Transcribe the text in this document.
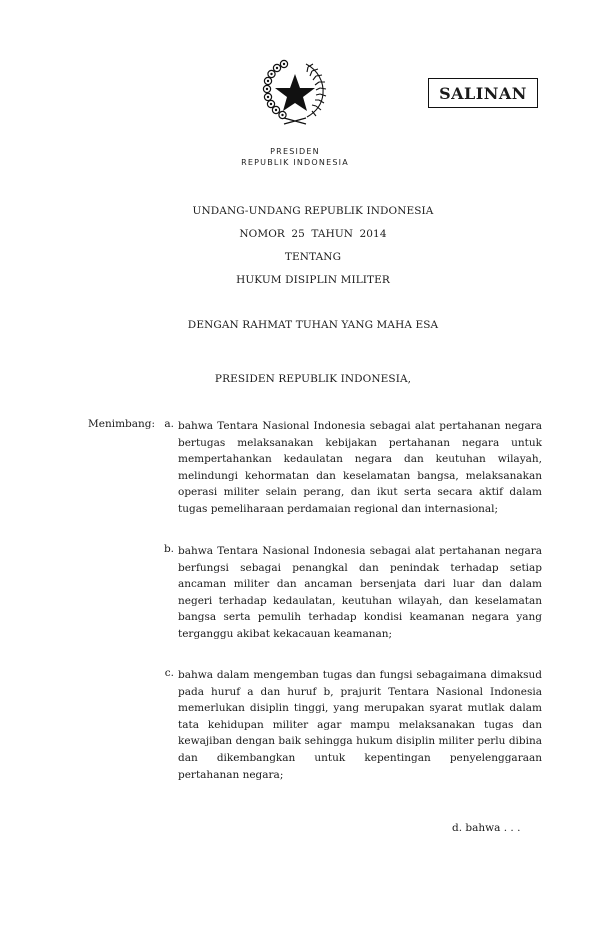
SALINAN
PRESIDEN
REPUBLIK INDONESIA
UNDANG-UNDANG REPUBLIK INDONESIA
NOMOR 25 TAHUN 2014
TENTANG
HUKUM DISIPLIN MILITER
DENGAN RAHMAT TUHAN YANG MAHA ESA
PRESIDEN REPUBLIK INDONESIA,
Menimbang: a. bahwa Tentara Nasional Indonesia sebagai alat pertahanan negara bertugas melaksanakan kebijakan pertahanan negara untuk mempertahankan kedaulatan negara dan keutuhan wilayah, melindungi kehormatan dan keselamatan bangsa, melaksanakan operasi militer selain perang, dan ikut serta secara aktif dalam tugas pemeliharaan perdamaian regional dan internasional;
b. bahwa Tentara Nasional Indonesia sebagai alat pertahanan negara berfungsi sebagai penangkal dan penindak terhadap setiap ancaman militer dan ancaman bersenjata dari luar dan dalam negeri terhadap kedaulatan, keutuhan wilayah, dan keselamatan bangsa serta pemulih terhadap kondisi keamanan negara yang terganggu akibat kekacauan keamanan;
c. bahwa dalam mengemban tugas dan fungsi sebagaimana dimaksud pada huruf a dan huruf b, prajurit Tentara Nasional Indonesia memerlukan disiplin tinggi, yang merupakan syarat mutlak dalam tata kehidupan militer agar mampu melaksanakan tugas dan kewajiban dengan baik sehingga hukum disiplin militer perlu dibina dan dikembangkan untuk kepentingan penyelenggaraan pertahanan negara;
d. bahwa . . .
